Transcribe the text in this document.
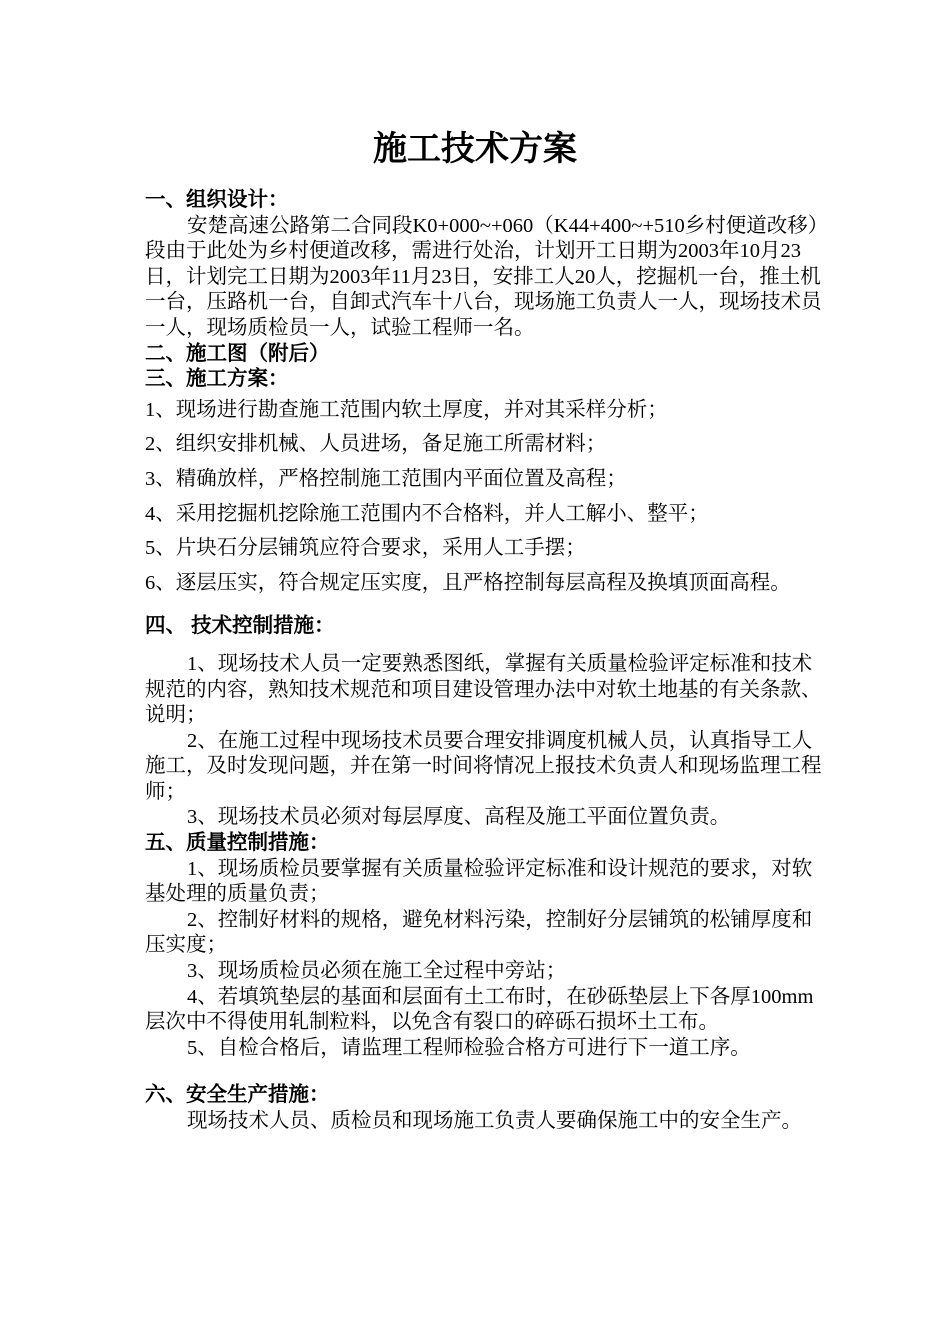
施工技术方案

一、组织设计：

安楚高速公路第二合同段K0+000~+060（K44+400~+510乡村便道改移）段由于此处为乡村便道改移，需进行处治，计划开工日期为2003年10月23日，计划完工日期为2003年11月23日，安排工人20人，挖掘机一台，推土机一台，压路机一台，自卸式汽车十八台，现场施工负责人一人，现场技术员一人，现场质检员一人，试验工程师一名。

二、施工图（附后）

三、施工方案：

1、现场进行勘查施工范围内软土厚度，并对其采样分析；

2、组织安排机械、人员进场，备足施工所需材料；

3、精确放样，严格控制施工范围内平面位置及高程；

4、采用挖掘机挖除施工范围内不合格料，并人工解小、整平；

5、片块石分层铺筑应符合要求，采用人工手摆；

6、逐层压实，符合规定压实度，且严格控制每层高程及换填顶面高程。

四、 技术控制措施：

1、现场技术人员一定要熟悉图纸，掌握有关质量检验评定标准和技术规范的内容，熟知技术规范和项目建设管理办法中对软土地基的有关条款、说明；

2、在施工过程中现场技术员要合理安排调度机械人员，认真指导工人施工，及时发现问题，并在第一时间将情况上报技术负责人和现场监理工程师；

3、现场技术员必须对每层厚度、高程及施工平面位置负责。

五、质量控制措施：

1、现场质检员要掌握有关质量检验评定标准和设计规范的要求，对软基处理的质量负责；

2、控制好材料的规格，避免材料污染，控制好分层铺筑的松铺厚度和压实度；

3、现场质检员必须在施工全过程中旁站；

4、若填筑垫层的基面和层面有土工布时，在砂砾垫层上下各厚100mm层次中不得使用轧制粒料，以免含有裂口的碎砾石损坏土工布。

5、自检合格后，请监理工程师检验合格方可进行下一道工序。

六、安全生产措施：

现场技术人员、质检员和现场施工负责人要确保施工中的安全生产。
